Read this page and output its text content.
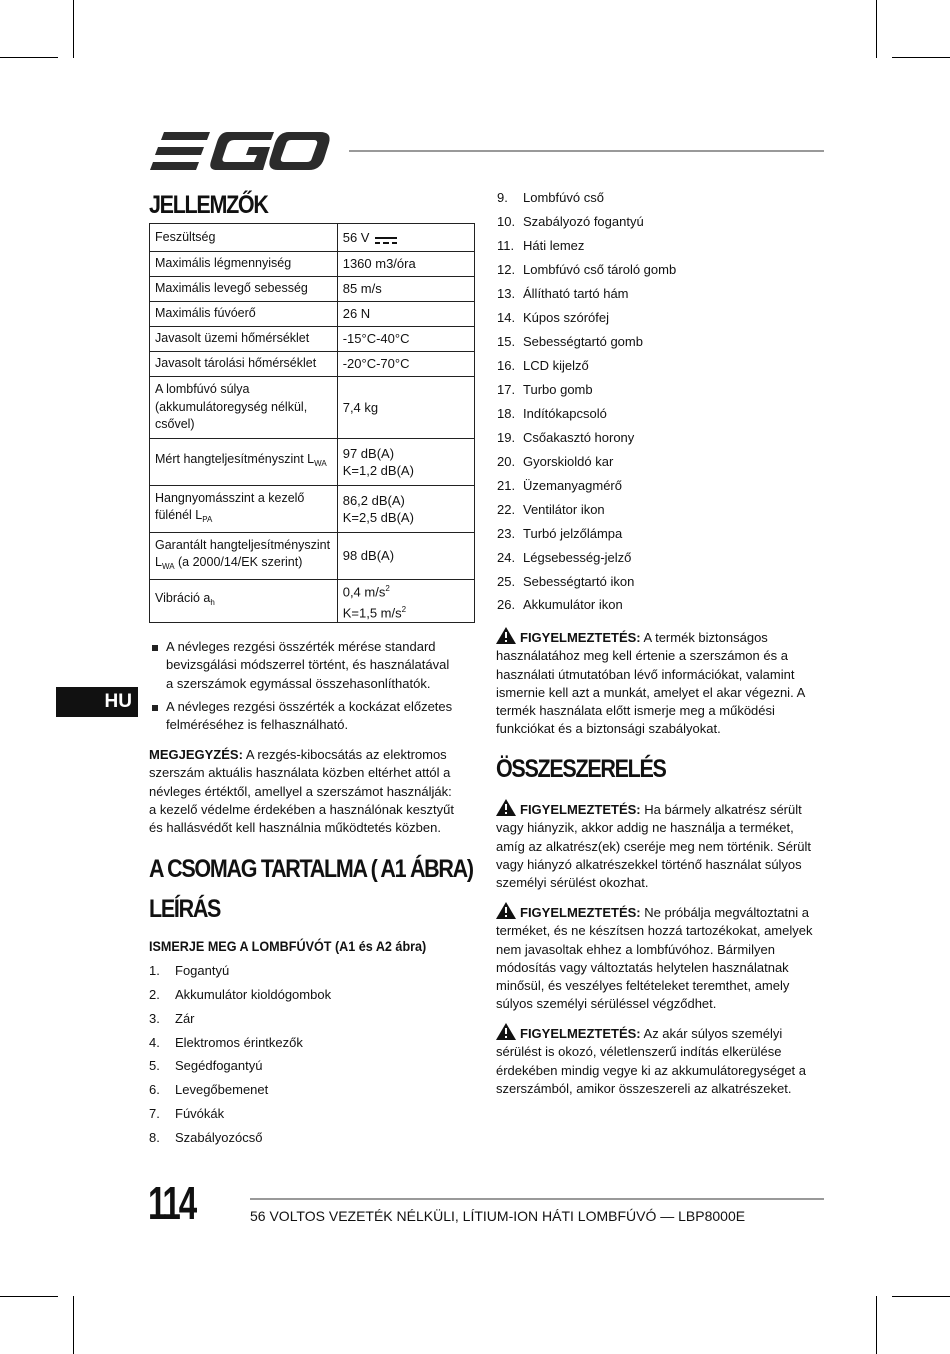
HU
JELLEMZŐK
Feszültség	56 V
Maximális légmennyiség	1360 m3/óra
Maximális levegő sebesség	85 m/s
Maximális fúvóerő	26 N
Javasolt üzemi hőmérséklet	-15°C-40°C
Javasolt tárolási hőmérséklet	-20°C-70°C
A lombfúvó súlya (akkumulátoregység nélkül, csővel)	7,4 kg
Mért hangteljesítményszint $L_{WA}$	97 dB(A)
K=1,2 dB(A)
Hangnyomásszint a kezelő fülénél $L_{PA}$	86,2 dB(A)
K=2,5 dB(A)
Garantált hangteljesítményszint $L_{WA}$ (a 2000/14/EK szerint)	98 dB(A)
Vibráció $a_h$	0,4 $m/s^2$
K=1,5 $m/s^2$
A névleges rezgési összérték mérése standard bevizsgálási módszerrel történt, és használatával a szerszámok egymással összehasonlíthatók.
A névleges rezgési összérték a kockázat előzetes felméréséhez is felhasználható.
MEGJEGYZÉS: A rezgés-kibocsátás az elektromos szerszám aktuális használata közben eltérhet attól a névleges értéktől, amellyel a szerszámot használják: a kezelő védelme érdekében a használónak kesztyűt és hallásvédőt kell használnia működtetés közben.
A CSOMAG TARTALMA ( A1 ÁBRA)
LEÍRÁS
ISMERJE MEG A LOMBFÚVÓT (A1 és A2 ábra)
1. Fogantyú
2. Akkumulátor kioldógombok
3. Zár
4. Elektromos érintkezők
5. Segédfogantyú
6. Levegőbemenet
7. Fúvókák
8. Szabályozócső
9. Lombfúvó cső
10. Szabályozó fogantyú
11. Háti lemez
12. Lombfúvó cső tároló gomb
13. Állítható tartó hám
14. Kúpos szórófej
15. Sebességtartó gomb
16. LCD kijelző
17. Turbo gomb
18. Indítókapcsoló
19. Csőakasztó horony
20. Gyorskioldó kar
21. Üzemanyagmérő
22. Ventilátor ikon
23. Turbó jelzőlámpa
24. Légsebesség-jelző
25. Sebességtartó ikon
26. Akkumulátor ikon
FIGYELMEZTETÉS: A termék biztonságos használatához meg kell értenie a szerszámon és a használati útmutatóban lévő információkat, valamint ismernie kell azt a munkát, amelyet el akar végezni. A termék használata előtt ismerje meg a működési funkciókat és a biztonsági szabályokat.
ÖSSZESZERELÉS
FIGYELMEZTETÉS: Ha bármely alkatrész sérült vagy hiányzik, akkor addig ne használja a terméket, amíg az alkatrész(ek) cseréje meg nem történik. Sérült vagy hiányzó alkatrészekkel történő használat súlyos személyi sérülést okozhat.
FIGYELMEZTETÉS: Ne próbálja megváltoztatni a terméket, és ne készítsen hozzá tartozékokat, amelyek nem javasoltak ehhez a lombfúvóhoz. Bármilyen módosítás vagy változtatás helytelen használatnak minősül, és veszélyes feltételeket teremthet, amely súlyos személyi sérüléssel végződhet.
FIGYELMEZTETÉS: Az akár súlyos személyi sérülést is okozó, véletlenszerű indítás elkerülése érdekében mindig vegye ki az akkumulátoregységet a szerszámból, amikor összeszereli az alkatrészeket.
114	56 VOLTOS VEZETÉK NÉLKÜLI, LÍTIUM-ION HÁTI LOMBFÚVÓ — LBP8000E
